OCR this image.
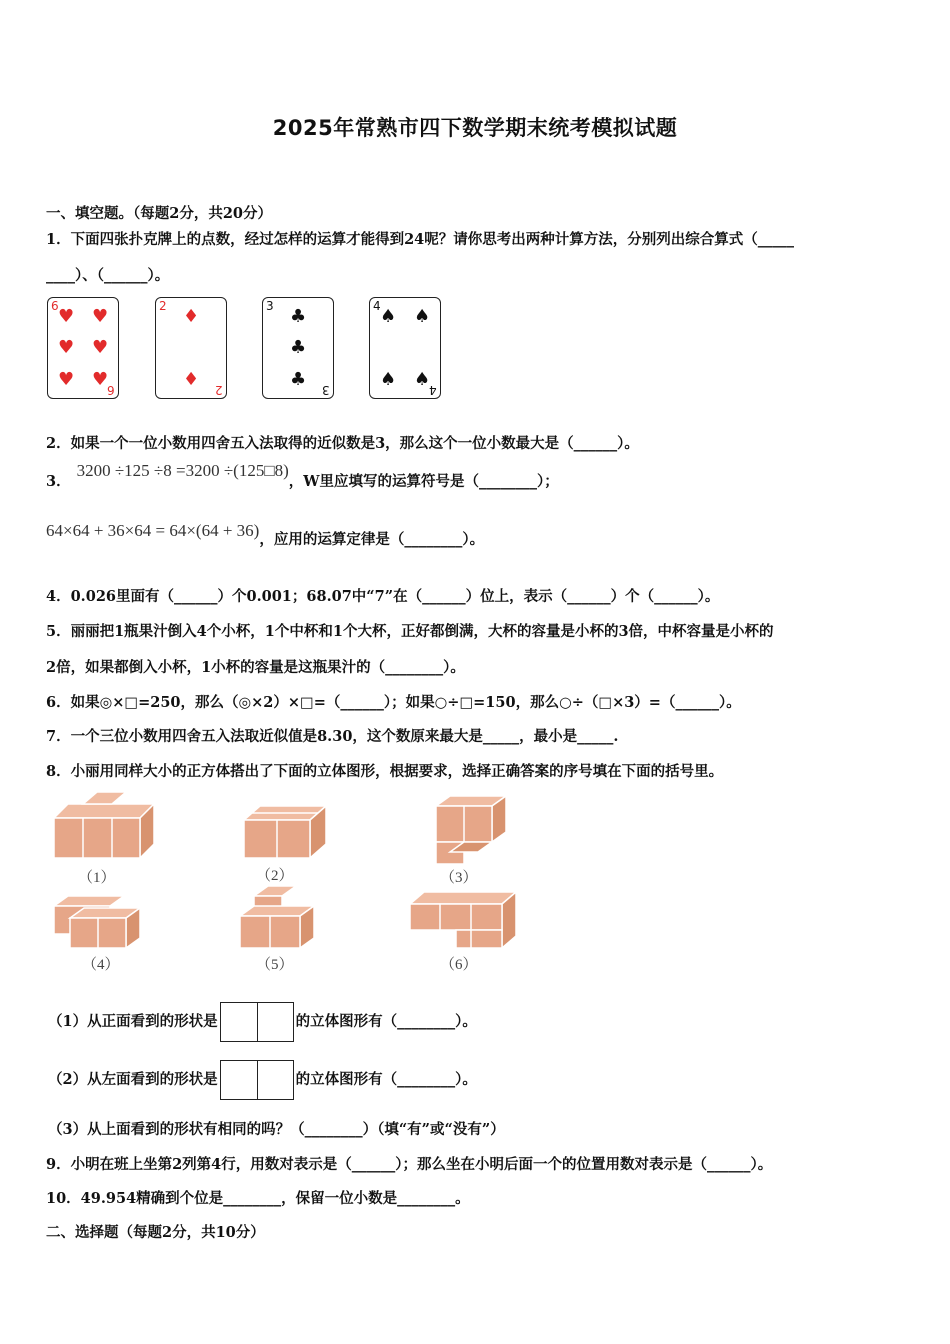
2025年常熟市四下数学期末统考模拟试题
一、填空题。（每题2分，共20分）
1．下面四张扑克牌上的点数，经过怎样的运算才能得到24呢？请你思考出两种计算方法，分别列出综合算式（_____
____）、（______）。
6
6
♥ ♥
♥ ♥
♥ ♥
2
2
♦
♦
3
3
♣
♣
♣
4
4
♠ ♠
♠ ♠
2．如果一个一位小数用四舍五入法取得的近似数是3，那么这个一位小数最大是（______）。
3．3200 ÷125 ÷8 =3200 ÷(125□8)，W里应填写的运算符号是（________）；
64×64 + 36×64 = 64×(64 + 36)，应用的运算定律是（________）。
4．0.026里面有（______）个0.001；68.07中“7”在（______）位上，表示（______）个（______）。
5．丽丽把1瓶果汁倒入4个小杯，1个中杯和1个大杯，正好都倒满，大杯的容量是小杯的3倍，中杯容量是小杯的
2倍，如果都倒入小杯，1小杯的容量是这瓶果汁的（________）。
6．如果◎×□=250，那么（◎×2）×□=（______）；如果○÷□=150，那么○÷（□×3）=（______）。
7．一个三位小数用四舍五入法取近似值是8.30，这个数原来最大是_____，最小是_____.
8．小丽用同样大小的正方体搭出了下面的立体图形，根据要求，选择正确答案的序号填在下面的括号里。
（1）	（2）	（3）
（4）	（5）	（6）
（1）从正面看到的形状是	的立体图形有（________）。
（2）从左面看到的形状是	的立体图形有（________）。
（3）从上面看到的形状有相同的吗？（________）（填“有”或“没有”）
9．小明在班上坐第2列第4行，用数对表示是（______）；那么坐在小明后面一个的位置用数对表示是（______）。
10．49.954精确到个位是________，保留一位小数是________。
二、选择题（每题2分，共10分）
